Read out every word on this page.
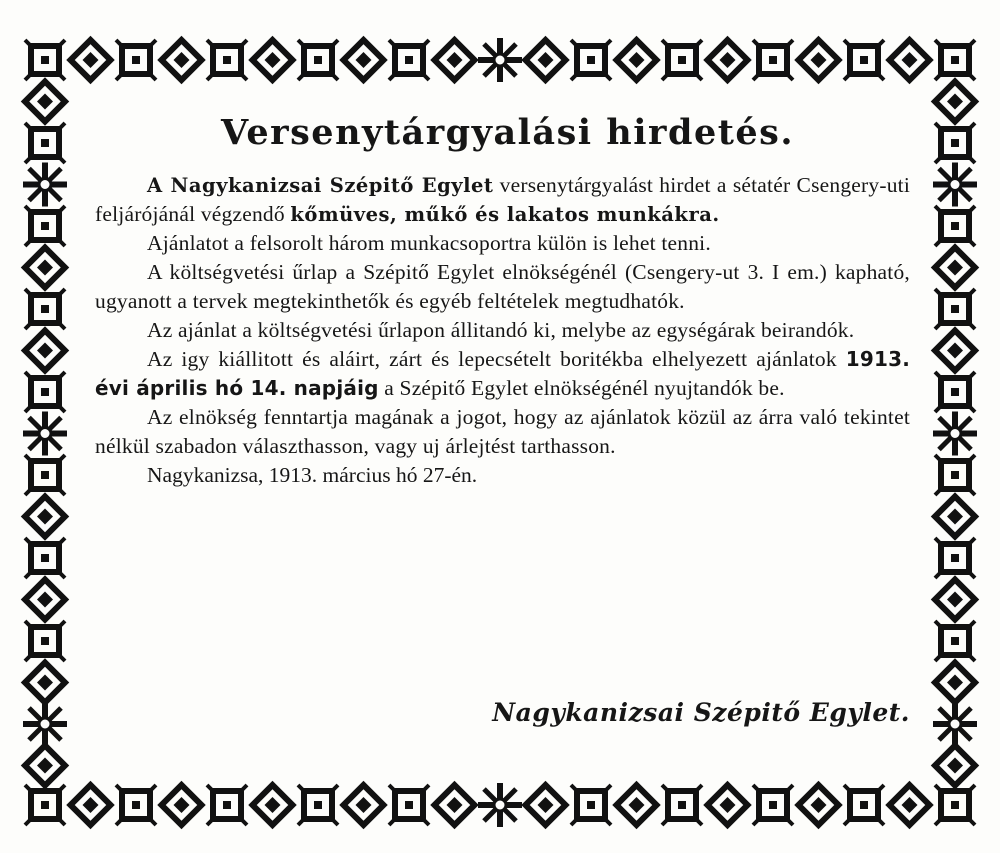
Versenytárgyalási hirdetés.

A Nagykanizsai Szépitő Egylet versenytárgyalást hirdet a sétatér Csengery-uti feljárójánál végzendő kőmüves, műkő és lakatos munkákra.

Ajánlatot a felsorolt három munkacsoportra külön is lehet tenni.

A költségvetési űrlap a Szépitő Egylet elnökségénél (Csengery-ut 3. I em.) kapható, ugyanott a tervek megtekinthetők és egyéb feltételek megtudhatók.

Az ajánlat a költségvetési űrlapon állitandó ki, melybe az egységárak beirandók.

Az igy kiállitott és aláirt, zárt és lepecsételt boritékba elhelyezett ajánlatok 1913. évi április hó 14. napjáig a Szépitő Egylet elnökségénél nyujtandók be.

Az elnökség fenntartja magának a jogot, hogy az ajánlatok közül az árra való tekintet nélkül szabadon választhasson, vagy uj árlejtést tarthasson.

Nagykanizsa, 1913. március hó 27-én.

Nagykanizsai Szépitő Egylet.
